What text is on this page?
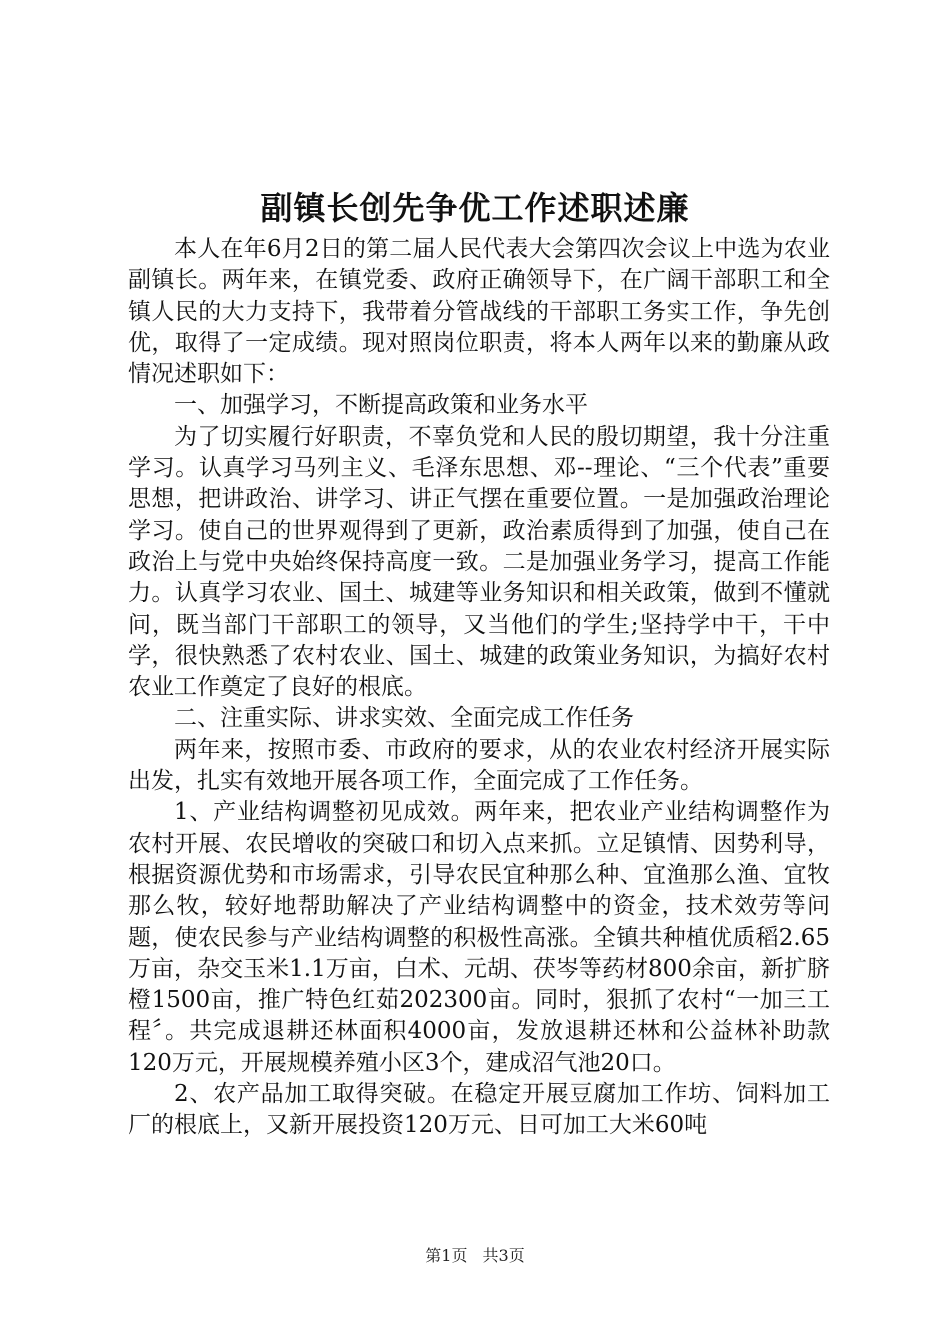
副镇长创先争优工作述职述廉

本人在年6月2日的第二届人民代表大会第四次会议上中选为农业副镇长。两年来，在镇党委、政府正确领导下，在广阔干部职工和全镇人民的大力支持下，我带着分管战线的干部职工务实工作，争先创优，取得了一定成绩。现对照岗位职责，将本人两年以来的勤廉从政情况述职如下：

一、加强学习，不断提高政策和业务水平

为了切实履行好职责，不辜负党和人民的殷切期望，我十分注重学习。认真学习马列主义、毛泽东思想、邓--理论、“三个代表”重要思想，把讲政治、讲学习、讲正气摆在重要位置。一是加强政治理论学习。使自己的世界观得到了更新，政治素质得到了加强，使自己在政治上与党中央始终保持高度一致。二是加强业务学习，提高工作能力。认真学习农业、国土、城建等业务知识和相关政策，做到不懂就问，既当部门干部职工的领导，又当他们的学生;坚持学中干，干中学，很快熟悉了农村农业、国土、城建的政策业务知识，为搞好农村农业工作奠定了良好的根底。

二、注重实际、讲求实效、全面完成工作任务

两年来，按照市委、市政府的要求，从的农业农村经济开展实际出发，扎实有效地开展各项工作，全面完成了工作任务。

1、产业结构调整初见成效。两年来，把农业产业结构调整作为农村开展、农民增收的突破口和切入点来抓。立足镇情、因势利导，根据资源优势和市场需求，引导农民宜种那么种、宜渔那么渔、宜牧那么牧，较好地帮助解决了产业结构调整中的资金，技术效劳等问题，使农民参与产业结构调整的积极性高涨。全镇共种植优质稻2.65万亩，杂交玉米1.1万亩，白术、元胡、茯岑等药材800余亩，新扩脐橙1500亩，推广特色红茹202300亩。同时，狠抓了农村“一加三工程〞。共完成退耕还林面积4000亩，发放退耕还林和公益林补助款120万元，开展规模养殖小区3个，建成沼气池20口。

2、农产品加工取得突破。在稳定开展豆腐加工作坊、饲料加工厂的根底上，又新开展投资120万元、日可加工大米60吨

第1页 共3页
